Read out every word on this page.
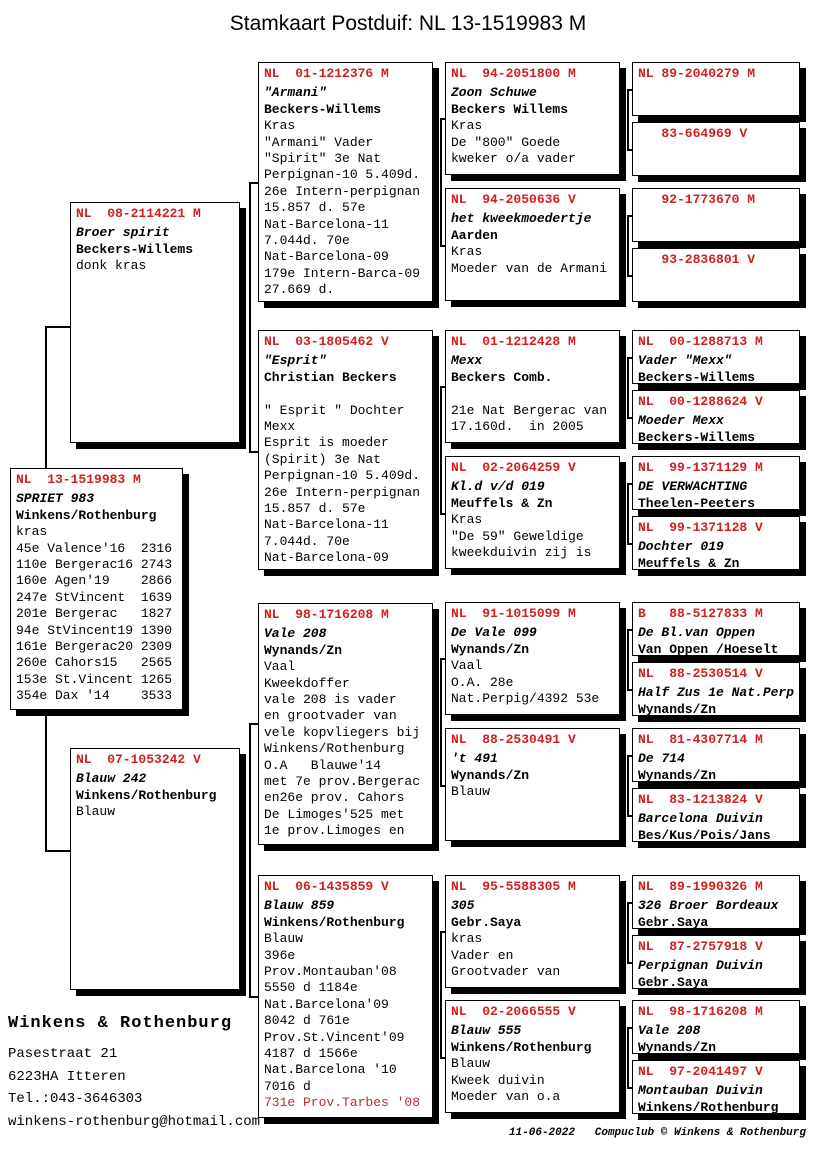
Stamkaart Postduif: NL 13-1519983 M
NL  13-1519983 M
SPRIET 983
Winkens/Rothenburg
kras
45e Valence'16  2316
110e Bergerac16 2743
160e Agen'19    2866
247e StVincent  1639
201e Bergerac   1827
94e StVincent19 1390
161e Bergerac20 2309
260e Cahors15   2565
153e St.Vincent 1265
354e Dax '14    3533
NL  08-2114221 M
Broer spirit
Beckers-Willems
donk kras
NL  07-1053242 V
Blauw 242
Winkens/Rothenburg
Blauw
NL  01-1212376 M
"Armani"
Beckers-Willems
Kras
"Armani" Vader
"Spirit" 3e Nat
Perpignan-10 5.409d.
26e Intern-perpignan
15.857 d. 57e
Nat-Barcelona-11
7.044d. 70e
Nat-Barcelona-09
179e Intern-Barca-09
27.669 d.
NL  03-1805462 V
"Esprit"
Christian Beckers
" Esprit " Dochter
Mexx
Esprit is moeder
(Spirit) 3e Nat
Perpignan-10 5.409d.
26e Intern-perpignan
15.857 d. 57e
Nat-Barcelona-11
7.044d. 70e
Nat-Barcelona-09
NL  98-1716208 M
Vale 208
Wynands/Zn
Vaal
Kweekdoffer
vale 208 is vader
en grootvader van
vele kopvliegers bij
Winkens/Rothenburg
O.A   Blauwe'14
met 7e prov.Bergerac
en26e prov. Cahors
De Limoges'525 met
1e prov.Limoges en
NL  06-1435859 V
Blauw 859
Winkens/Rothenburg
Blauw
396e
Prov.Montauban'08
5550 d 1184e
Nat.Barcelona'09
8042 d 761e
Prov.St.Vincent'09
4187 d 1566e
Nat.Barcelona '10
7016 d
731e Prov.Tarbes '08
NL  94-2051800 M
Zoon Schuwe
Beckers Willems
Kras
De "800" Goede
kweker o/a vader
NL  94-2050636 V
het kweekmoedertje
Aarden
Kras
Moeder van de Armani
NL  01-1212428 M
Mexx
Beckers Comb.
21e Nat Bergerac van
17.160d.  in 2005
NL  02-2064259 V
Kl.d v/d 019
Meuffels & Zn
Kras
"De 59" Geweldige
kweekduivin zij is
NL  91-1015099 M
De Vale 099
Wynands/Zn
Vaal
O.A. 28e
Nat.Perpig/4392 53e
NL  88-2530491 V
't 491
Wynands/Zn
Blauw
NL  95-5588305 M
305
Gebr.Saya
kras
Vader en
Grootvader van
NL  02-2066555 V
Blauw 555
Winkens/Rothenburg
Blauw
Kweek duivin
Moeder van o.a
NL 89-2040279 M
83-664969 V
92-1773670 M
93-2836801 V
NL  00-1288713 M
Vader "Mexx"
Beckers-Willems
NL  00-1288624 V
Moeder Mexx
Beckers-Willems
NL  99-1371129 M
DE VERWACHTING
Theelen-Peeters
NL  99-1371128 V
Dochter 019
Meuffels & Zn
B   88-5127833 M
De Bl.van Oppen
Van Oppen /Hoeselt
NL  88-2530514 V
Half Zus 1e Nat.Perp
Wynands/Zn
NL  81-4307714 M
De 714
Wynands/Zn
NL  83-1213824 V
Barcelona Duivin
Bes/Kus/Pois/Jans
NL  89-1990326 M
326 Broer Bordeaux
Gebr.Saya
NL  87-2757918 V
Perpignan Duivin
Gebr.Saya
NL  98-1716208 M
Vale 208
Wynands/Zn
NL  97-2041497 V
Montauban Duivin
Winkens/Rothenburg
Winkens & Rothenburg
Pasestraat 21
6223HA Itteren
Tel.:043-3646303
winkens-rothenburg@hotmail.com
11-06-2022   Compuclub © Winkens & Rothenburg
